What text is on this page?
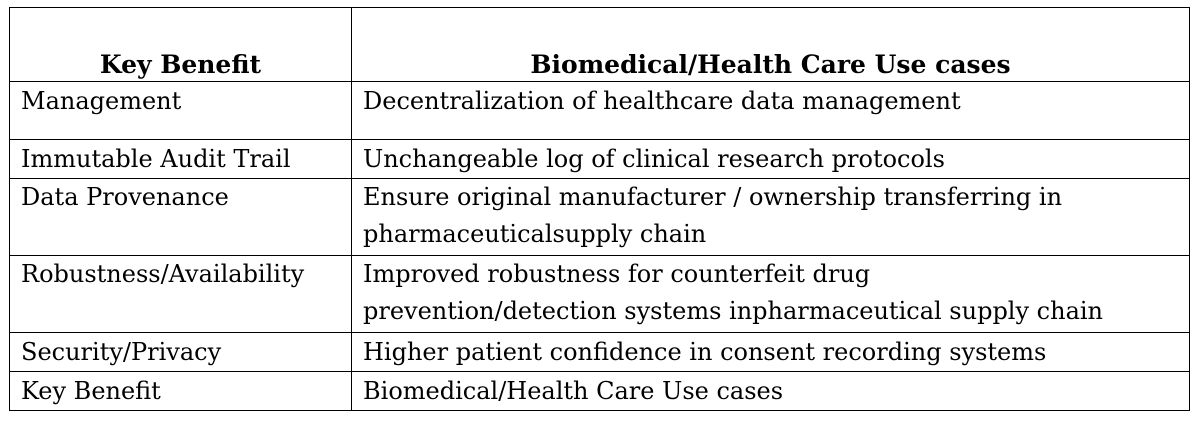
Key Benefit	Biomedical/Health Care Use cases
Management	Decentralization of healthcare data management
Immutable Audit Trail	Unchangeable log of clinical research protocols
Data Provenance	Ensure original manufacturer / ownership transferring in
pharmaceuticalsupply chain

Robustness/Availability	Improved robustness for counterfeit drug
prevention/detection systems inpharmaceutical supply chain

Security/Privacy	Higher patient confidence in consent recording systems
Key Benefit	Biomedical/Health Care Use cases
